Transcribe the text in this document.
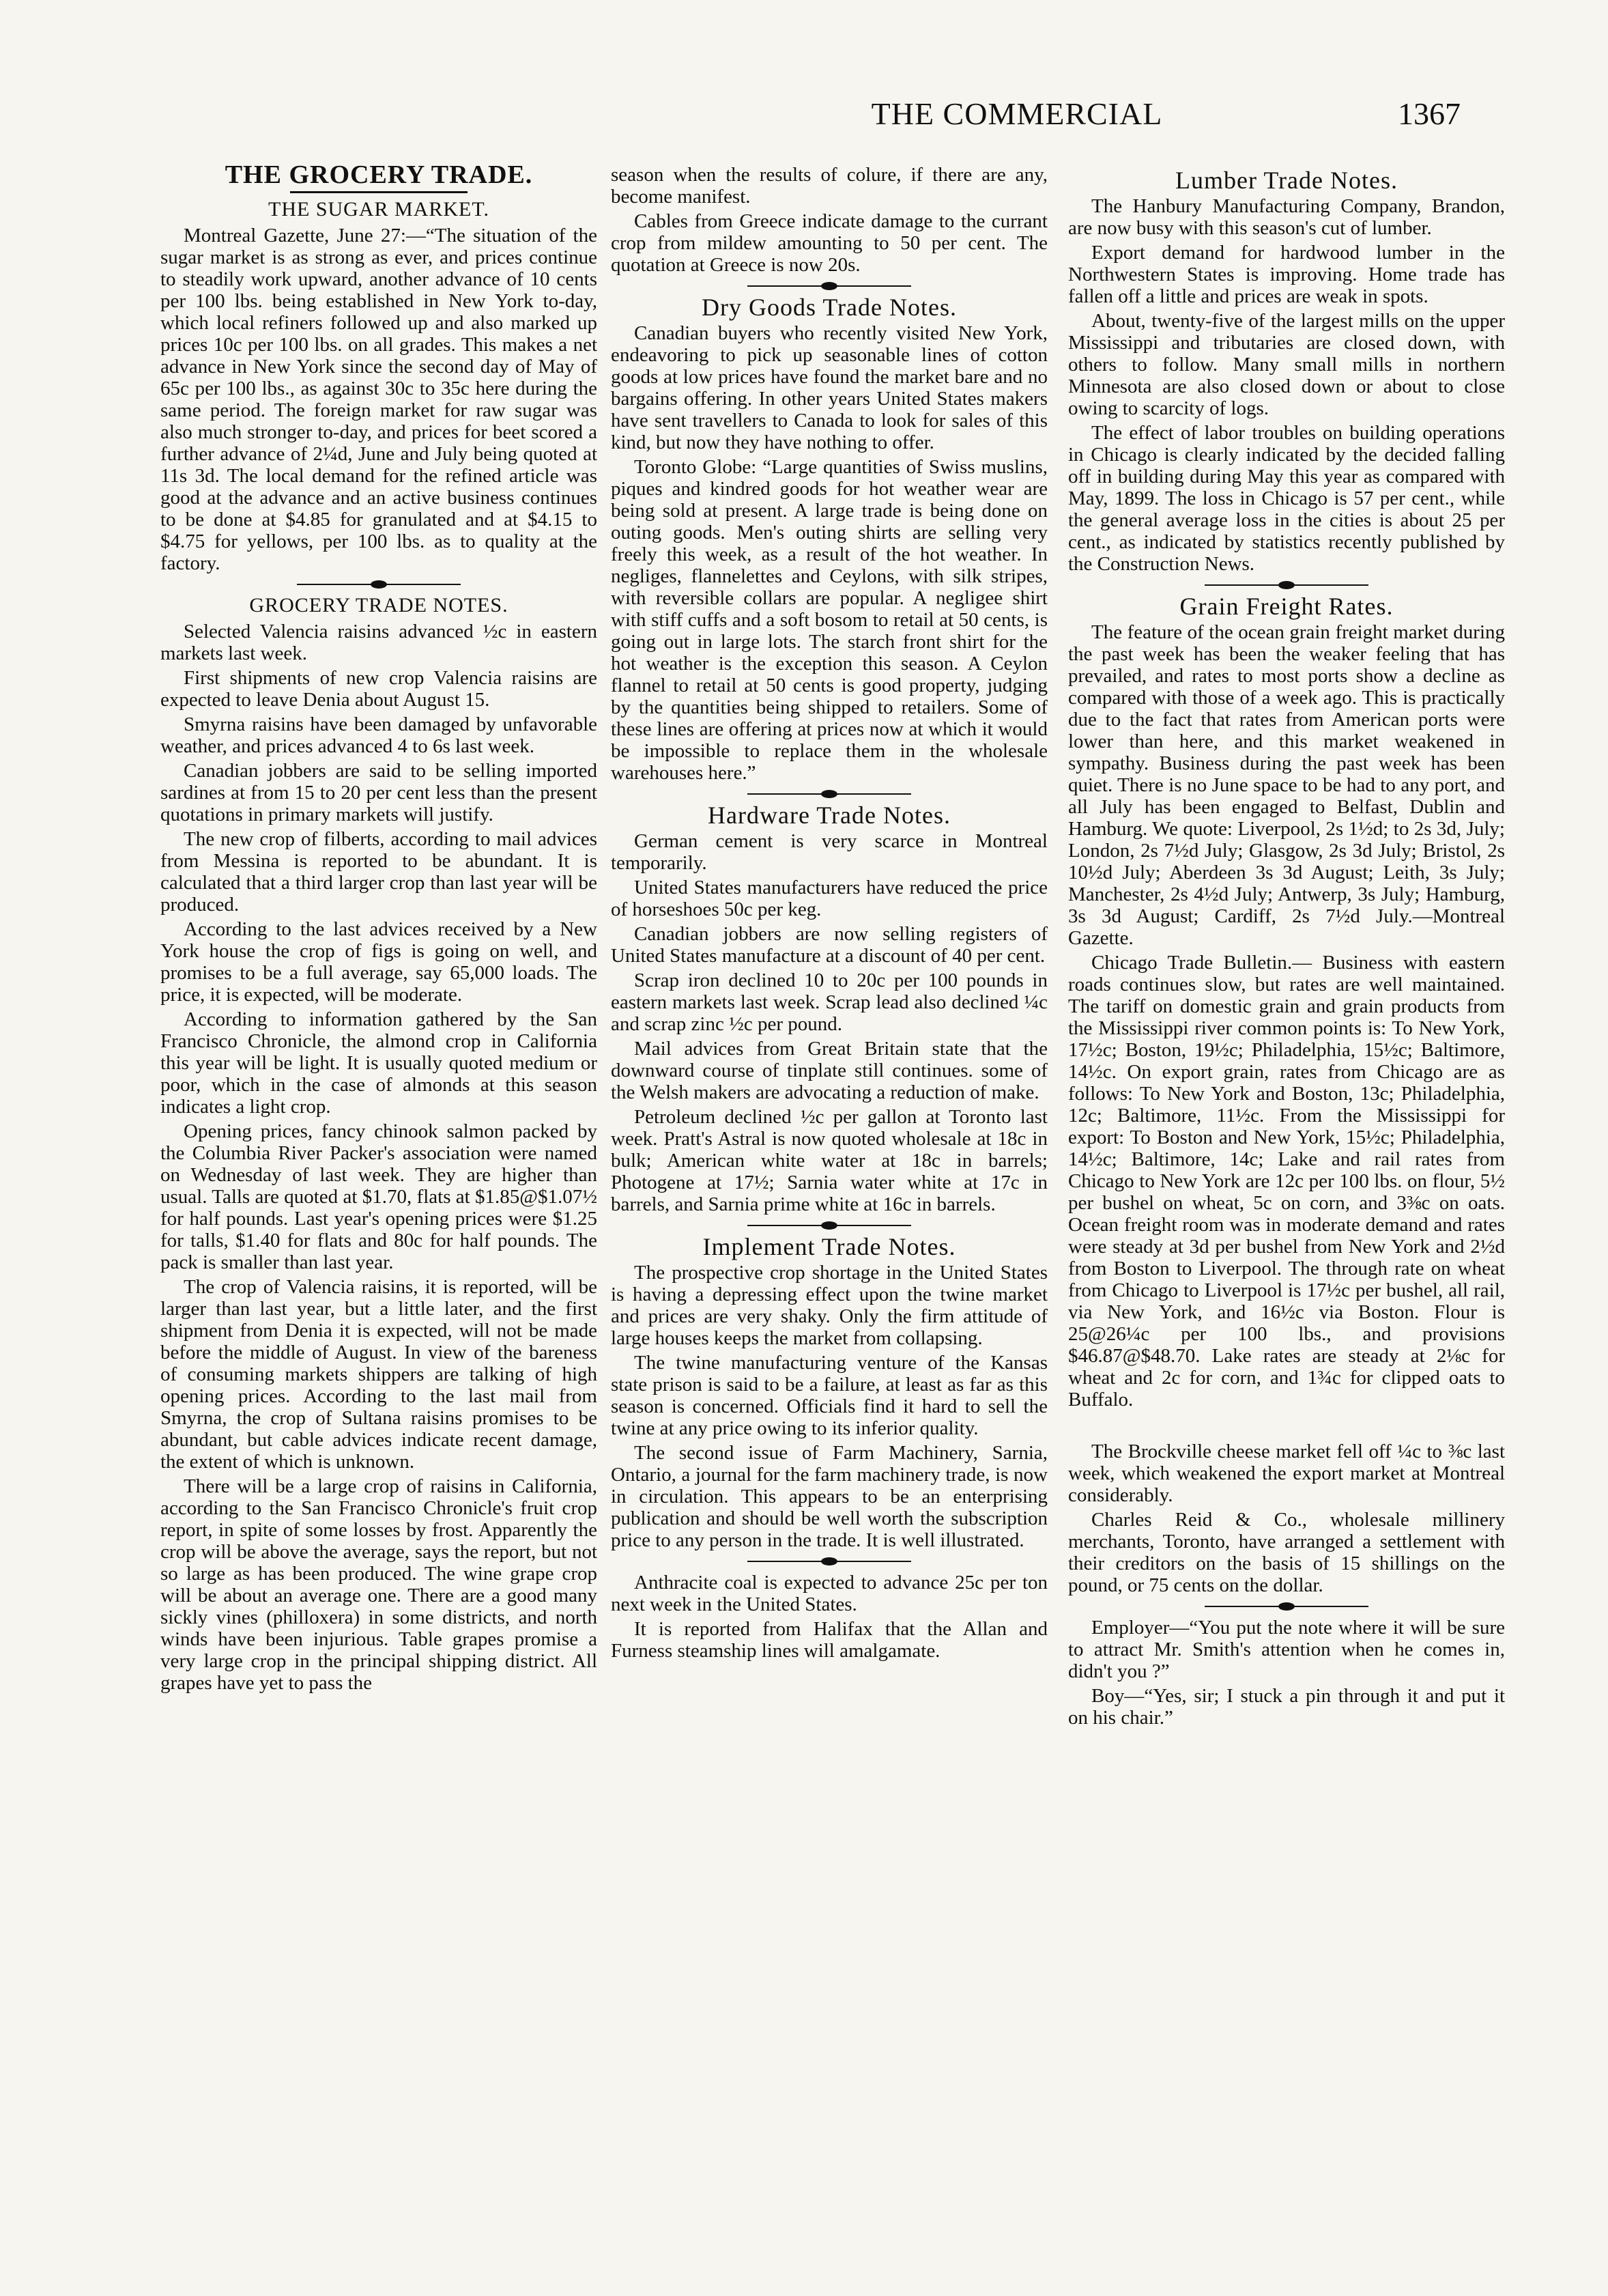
THE COMMERCIAL	1367
THE GROCERY TRADE.
THE SUGAR MARKET.

Montreal Gazette, June 27:—“The situation of the sugar market is as strong as ever, and prices continue to steadily work upward, another advance of 10 cents per 100 lbs. being established in New York to-day, which local refiners followed up and also marked up prices 10c per 100 lbs. on all grades. This makes a net advance in New York since the second day of May of 65c per 100 lbs., as against 30c to 35c here during the same period. The foreign market for raw sugar was also much stronger to-day, and prices for beet scored a further advance of 2¼d, June and July being quoted at 11s 3d. The local demand for the refined article was good at the advance and an active business continues to be done at $4.85 for granulated and at $4.15 to $4.75 for yellows, per 100 lbs. as to quality at the factory.

GROCERY TRADE NOTES.

Selected Valencia raisins advanced ½c in eastern markets last week.

First shipments of new crop Valencia raisins are expected to leave Denia about August 15.

Smyrna raisins have been damaged by unfavorable weather, and prices advanced 4 to 6s last week.

Canadian jobbers are said to be selling imported sardines at from 15 to 20 per cent less than the present quotations in primary markets will justify.

The new crop of filberts, according to mail advices from Messina is reported to be abundant. It is calculated that a third larger crop than last year will be produced.

According to the last advices received by a New York house the crop of figs is going on well, and promises to be a full average, say 65,000 loads. The price, it is expected, will be moderate.

According to information gathered by the San Francisco Chronicle, the almond crop in California this year will be light. It is usually quoted medium or poor, which in the case of almonds at this season indicates a light crop.

Opening prices, fancy chinook salmon packed by the Columbia River Packer's association were named on Wednesday of last week. They are higher than usual. Talls are quoted at $1.70, flats at $1.85@$1.07½ for half pounds. Last year's opening prices were $1.25 for talls, $1.40 for flats and 80c for half pounds. The pack is smaller than last year.

The crop of Valencia raisins, it is reported, will be larger than last year, but a little later, and the first shipment from Denia it is expected, will not be made before the middle of August. In view of the bareness of consuming markets shippers are talking of high opening prices. According to the last mail from Smyrna, the crop of Sultana raisins promises to be abundant, but cable advices indicate recent damage, the extent of which is unknown.

There will be a large crop of raisins in California, according to the San Francisco Chronicle's fruit crop report, in spite of some losses by frost. Apparently the crop will be above the average, says the report, but not so large as has been produced. The wine grape crop will be about an average one. There are a good many sickly vines (philloxera) in some districts, and north winds have been injurious. Table grapes promise a very large crop in the principal shipping district. All grapes have yet to pass the

season when the results of colure, if there are any, become manifest.

Cables from Greece indicate damage to the currant crop from mildew amounting to 50 per cent. The quotation at Greece is now 20s.

Dry Goods Trade Notes.

Canadian buyers who recently visited New York, endeavoring to pick up seasonable lines of cotton goods at low prices have found the market bare and no bargains offering. In other years United States makers have sent travellers to Canada to look for sales of this kind, but now they have nothing to offer.

Toronto Globe: “Large quantities of Swiss muslins, piques and kindred goods for hot weather wear are being sold at present. A large trade is being done on outing goods. Men's outing shirts are selling very freely this week, as a result of the hot weather. In negliges, flannelettes and Ceylons, with silk stripes, with reversible collars are popular. A negligee shirt with stiff cuffs and a soft bosom to retail at 50 cents, is going out in large lots. The starch front shirt for the hot weather is the exception this season. A Ceylon flannel to retail at 50 cents is good property, judging by the quantities being shipped to retailers. Some of these lines are offering at prices now at which it would be impossible to replace them in the wholesale warehouses here.”

Hardware Trade Notes.

German cement is very scarce in Montreal temporarily.

United States manufacturers have reduced the price of horseshoes 50c per keg.

Canadian jobbers are now selling registers of United States manufacture at a discount of 40 per cent.

Scrap iron declined 10 to 20c per 100 pounds in eastern markets last week. Scrap lead also declined ¼c and scrap zinc ½c per pound.

Mail advices from Great Britain state that the downward course of tinplate still continues. some of the Welsh makers are advocating a reduction of make.

Petroleum declined ½c per gallon at Toronto last week. Pratt's Astral is now quoted wholesale at 18c in bulk; American white water at 18c in barrels; Photogene at 17½; Sarnia water white at 17c in barrels, and Sarnia prime white at 16c in barrels.

Implement Trade Notes.

The prospective crop shortage in the United States is having a depressing effect upon the twine market and prices are very shaky. Only the firm attitude of large houses keeps the market from collapsing.

The twine manufacturing venture of the Kansas state prison is said to be a failure, at least as far as this season is concerned. Officials find it hard to sell the twine at any price owing to its inferior quality.

The second issue of Farm Machinery, Sarnia, Ontario, a journal for the farm machinery trade, is now in circulation. This appears to be an enterprising publication and should be well worth the subscription price to any person in the trade. It is well illustrated.

Anthracite coal is expected to advance 25c per ton next week in the United States.

It is reported from Halifax that the Allan and Furness steamship lines will amalgamate.

Lumber Trade Notes.

The Hanbury Manufacturing Company, Brandon, are now busy with this season's cut of lumber.

Export demand for hardwood lumber in the Northwestern States is improving. Home trade has fallen off a little and prices are weak in spots.

About, twenty-five of the largest mills on the upper Mississippi and tributaries are closed down, with others to follow. Many small mills in northern Minnesota are also closed down or about to close owing to scarcity of logs.

The effect of labor troubles on building operations in Chicago is clearly indicated by the decided falling off in building during May this year as compared with May, 1899. The loss in Chicago is 57 per cent., while the general average loss in the cities is about 25 per cent., as indicated by statistics recently published by the Construction News.

Grain Freight Rates.

The feature of the ocean grain freight market during the past week has been the weaker feeling that has prevailed, and rates to most ports show a decline as compared with those of a week ago. This is practically due to the fact that rates from American ports were lower than here, and this market weakened in sympathy. Business during the past week has been quiet. There is no June space to be had to any port, and all July has been engaged to Belfast, Dublin and Hamburg. We quote: Liverpool, 2s 1½d; to 2s 3d, July; London, 2s 7½d July; Glasgow, 2s 3d July; Bristol, 2s 10½d July; Aberdeen 3s 3d August; Leith, 3s July; Manchester, 2s 4½d July; Antwerp, 3s July; Hamburg, 3s 3d August; Cardiff, 2s 7½d July.—Montreal Gazette.

Chicago Trade Bulletin.— Business with eastern roads continues slow, but rates are well maintained. The tariff on domestic grain and grain products from the Mississippi river common points is: To New York, 17½c; Boston, 19½c; Philadelphia, 15½c; Baltimore, 14½c. On export grain, rates from Chicago are as follows: To New York and Boston, 13c; Philadelphia, 12c; Baltimore, 11½c. From the Mississippi for export: To Boston and New York, 15½c; Philadelphia, 14½c; Baltimore, 14c; Lake and rail rates from Chicago to New York are 12c per 100 lbs. on flour, 5½ per bushel on wheat, 5c on corn, and 3⅜c on oats. Ocean freight room was in moderate demand and rates were steady at 3d per bushel from New York and 2½d from Boston to Liverpool. The through rate on wheat from Chicago to Liverpool is 17½c per bushel, all rail, via New York, and 16½c via Boston. Flour is 25@26¼c per 100 lbs., and provisions $46.87@$48.70. Lake rates are steady at 2⅛c for wheat and 2c for corn, and 1¾c for clipped oats to Buffalo.

The Brockville cheese market fell off ¼c to ⅜c last week, which weakened the export market at Montreal considerably.

Charles Reid & Co., wholesale millinery merchants, Toronto, have arranged a settlement with their creditors on the basis of 15 shillings on the pound, or 75 cents on the dollar.

Employer—“You put the note where it will be sure to attract Mr. Smith's attention when he comes in, didn't you ?”

Boy—“Yes, sir; I stuck a pin through it and put it on his chair.”
